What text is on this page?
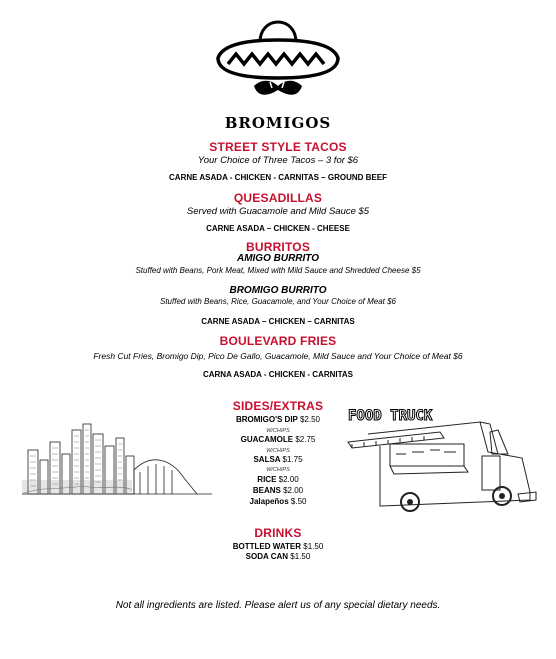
BROMIGOS
STREET STYLE TACOS
Your Choice of Three Tacos – 3 for $6
CARNE ASADA - CHICKEN - CARNITAS – GROUND BEEF
QUESADILLAS
Served with Guacamole and Mild Sauce $5
CARNE ASADA – CHICKEN - CHEESE
BURRITOS
AMIGO BURRITO
Stuffed with Beans, Pork Meat, Mixed with Mild Sauce and Shredded Cheese $5
BROMIGO BURRITO
Stuffed with Beans, Rice, Guacamole, and Your Choice of Meat $6
CARNE ASADA – CHICKEN – CARNITAS
BOULEVARD FRIES
Fresh Cut Fries, Bromigo Dip, Pico De Gallo, Guacamole, Mild Sauce and Your Choice of Meat $6
CARNA ASADA - CHICKEN - CARNITAS
SIDES/EXTRAS
BROMIGO'S DIP $2.50
W/CHIPS
GUACAMOLE $2.75
W/CHIPS
SALSA $1.75
W/CHIPS
RICE $2.00
BEANS $2.00
Jalapeños $.50
DRINKS
BOTTLED WATER $1.50
SODA CAN $1.50
Not all ingredients are listed. Please alert us of any special dietary needs.
FOOD TRUCK
